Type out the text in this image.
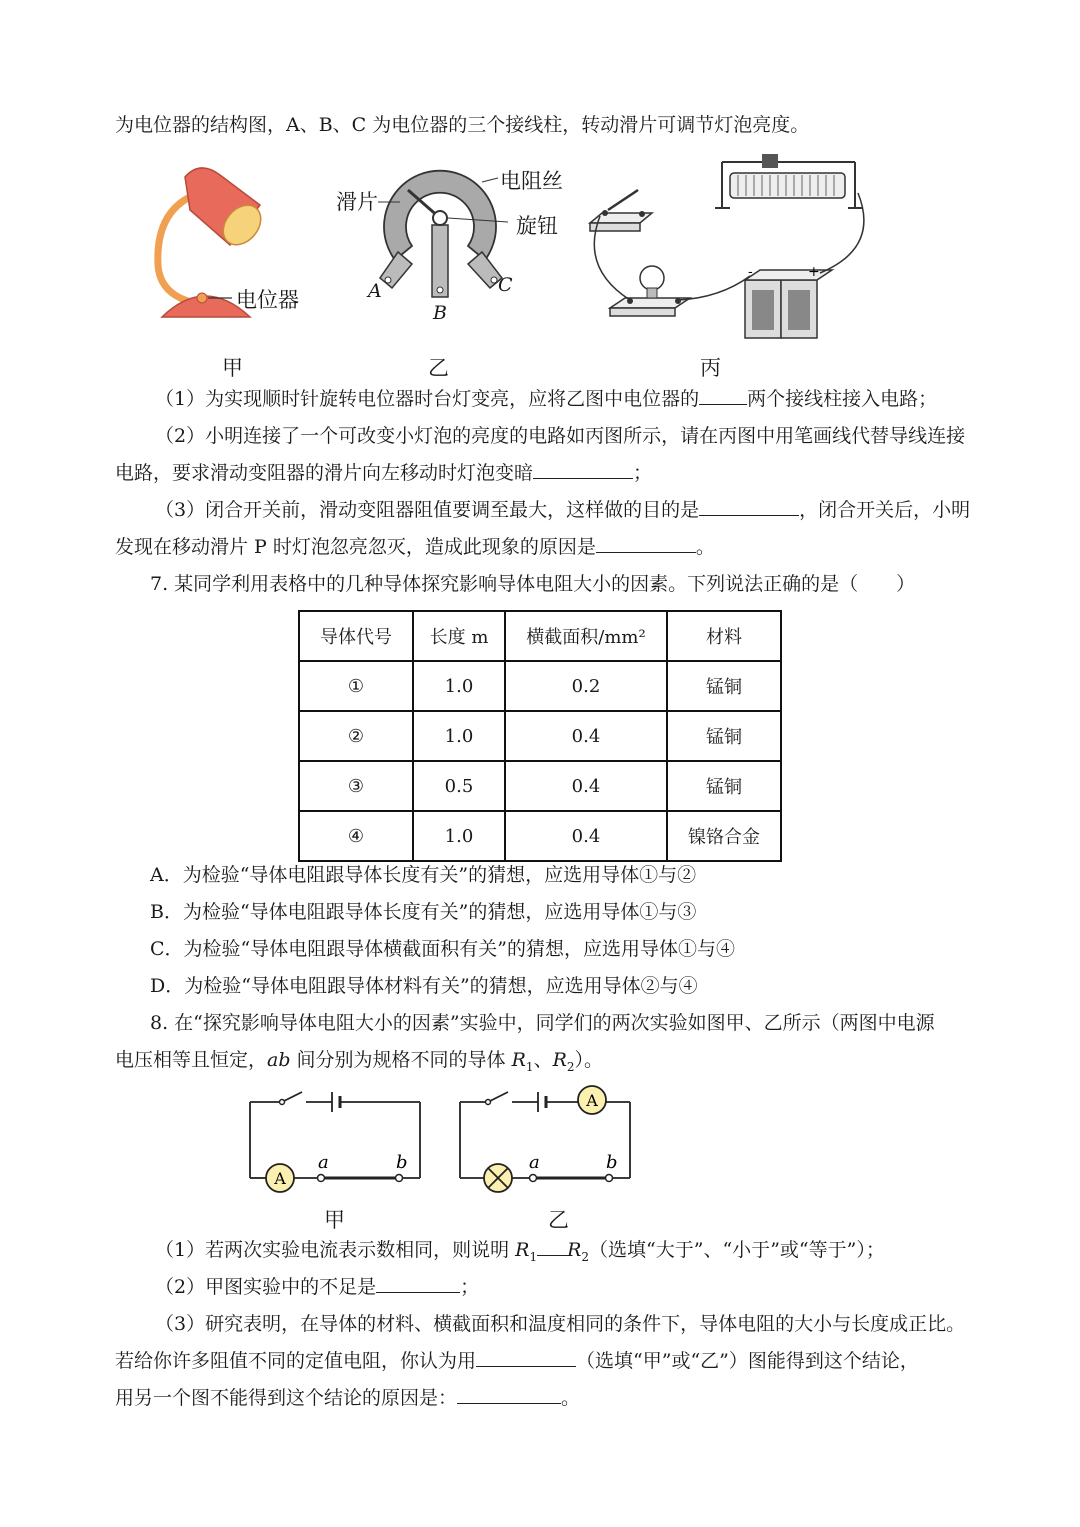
为电位器的结构图，A、B、C 为电位器的三个接线柱，转动滑片可调节灯泡亮度。
电位器
滑片
电阻丝
旋钮
A
B
C
-	+
甲	乙	丙
（1）为实现顺时针旋转电位器时台灯变亮，应将乙图中电位器的	两个接线柱接入电路；
（2）小明连接了一个可改变小灯泡的亮度的电路如丙图所示，请在丙图中用笔画线代替导线连接
电路，要求滑动变阻器的滑片向左移动时灯泡变暗	；
（3）闭合开关前，滑动变阻器阻值要调至最大，这样做的目的是	，闭合开关后，小明
发现在移动滑片 P 时灯泡忽亮忽灭，造成此现象的原因是	。
7. 某同学利用表格中的几种导体探究影响导体电阻大小的因素。下列说法正确的是（　　）
导体代号	长度 m	横截面积/mm²	材料
①	1.0	0.2	锰铜
②	1.0	0.4	锰铜
③	0.5	0.4	锰铜
④	1.0	0.4	镍铬合金
A．为检验“导体电阻跟导体长度有关”的猜想，应选用导体①与②
B．为检验“导体电阻跟导体长度有关”的猜想，应选用导体①与③
C．为检验“导体电阻跟导体横截面积有关”的猜想，应选用导体①与④
D．为检验“导体电阻跟导体材料有关”的猜想，应选用导体②与④
8. 在“探究影响导体电阻大小的因素”实验中，同学们的两次实验如图甲、乙所示（两图中电源
电压相等且恒定，ab 间分别为规格不同的导体 $R_1$、$R_2$）。
A
a	b
A
a	b
甲	乙
（1）若两次实验电流表示数相同，则说明 $R_1$ $R_2$（选填“大于”、“小于”或“等于”）；
（2）甲图实验中的不足是	；
（3）研究表明，在导体的材料、横截面积和温度相同的条件下，导体电阻的大小与长度成正比。
若给你许多阻值不同的定值电阻，你认为用	（选填“甲”或“乙”）图能得到这个结论，
用另一个图不能得到这个结论的原因是：	。
